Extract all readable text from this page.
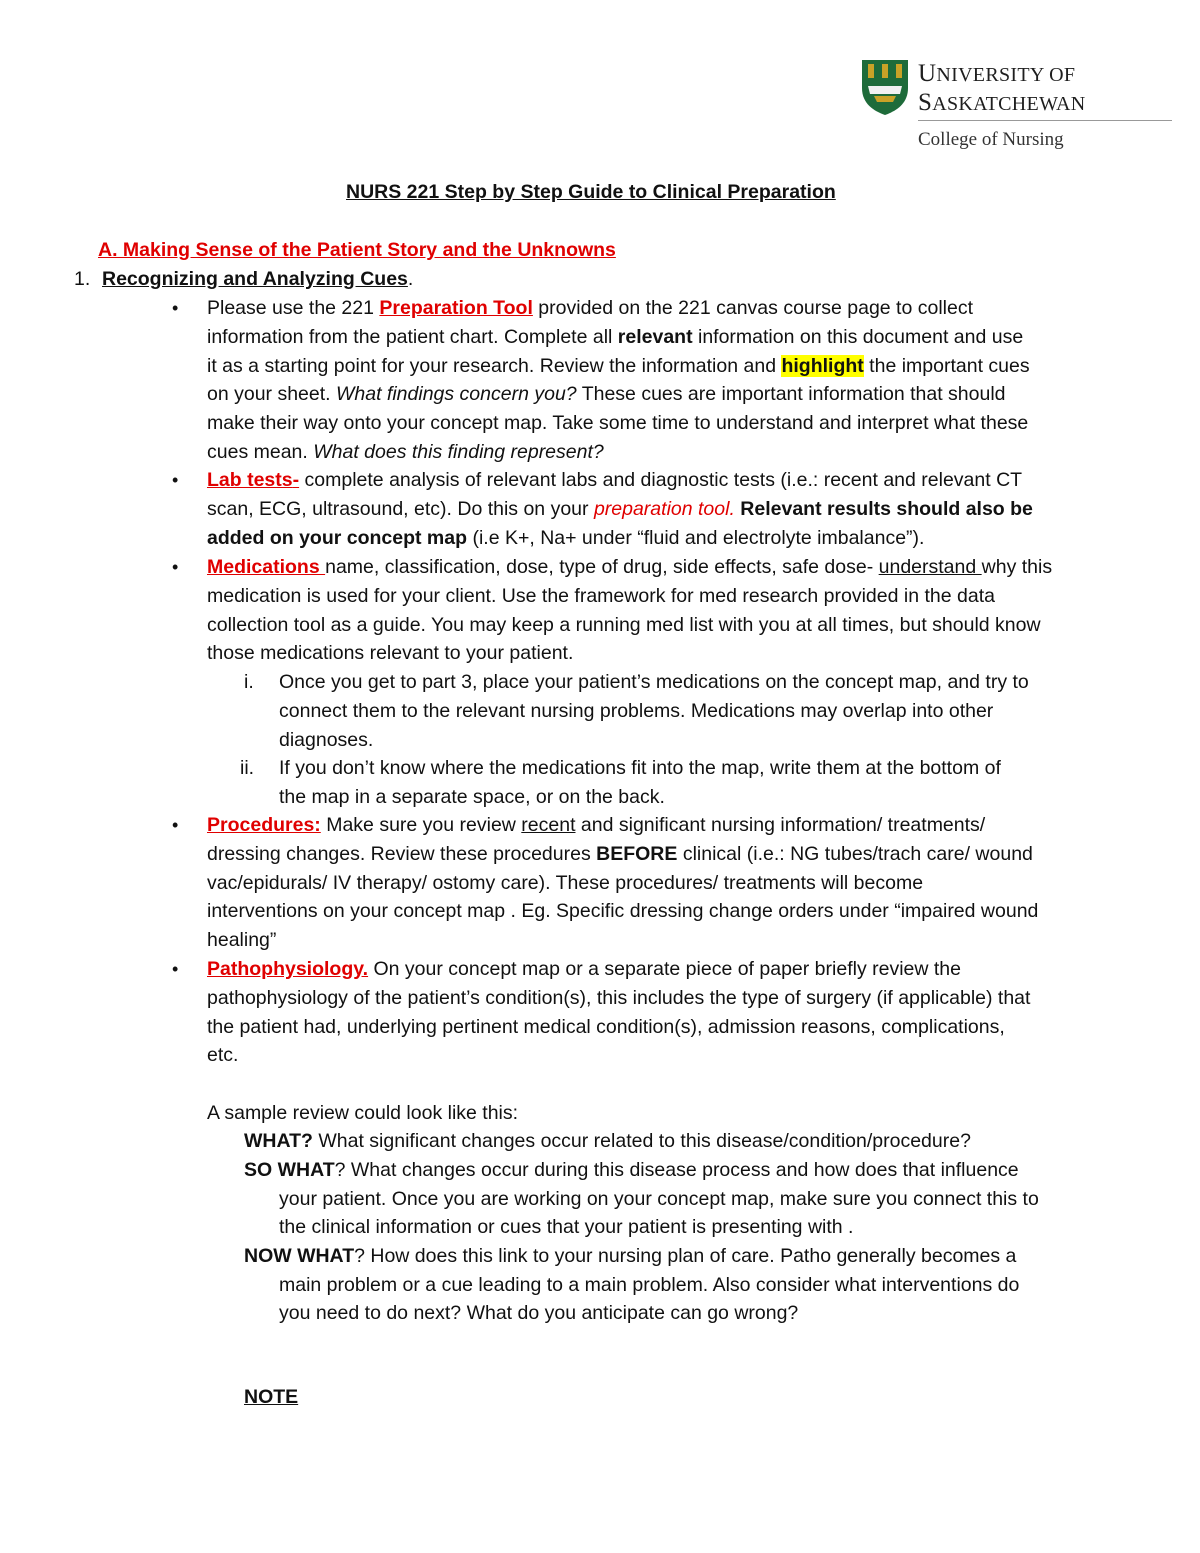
UNIVERSITY OF
SASKATCHEWAN
College of Nursing
NURS 221 Step by Step Guide to Clinical Preparation
A. Making Sense of the Patient Story and the Unknowns
1. Recognizing and Analyzing Cues.
• Please use the 221 Preparation Tool provided on the 221 canvas course page to collect
information from the patient chart. Complete all relevant information on this document and use
it as a starting point for your research. Review the information and highlight the important cues
on your sheet. What findings concern you? These cues are important information that should
make their way onto your concept map. Take some time to understand and interpret what these
cues mean. What does this finding represent?
• Lab tests- complete analysis of relevant labs and diagnostic tests (i.e.: recent and relevant CT
scan, ECG, ultrasound, etc). Do this on your preparation tool. Relevant results should also be
added on your concept map (i.e K+, Na+ under “fluid and electrolyte imbalance”).
• Medications name, classification, dose, type of drug, side effects, safe dose- understand why this
medication is used for your client. Use the framework for med research provided in the data
collection tool as a guide. You may keep a running med list with you at all times, but should know
those medications relevant to your patient.
i. Once you get to part 3, place your patient’s medications on the concept map, and try to
connect them to the relevant nursing problems. Medications may overlap into other
diagnoses.
ii. If you don’t know where the medications fit into the map, write them at the bottom of
the map in a separate space, or on the back.
• Procedures: Make sure you review recent and significant nursing information/ treatments/
dressing changes. Review these procedures BEFORE clinical (i.e.: NG tubes/trach care/ wound
vac/epidurals/ IV therapy/ ostomy care). These procedures/ treatments will become
interventions on your concept map . Eg. Specific dressing change orders under “impaired wound
healing”
• Pathophysiology. On your concept map or a separate piece of paper briefly review the
pathophysiology of the patient’s condition(s), this includes the type of surgery (if applicable) that
the patient had, underlying pertinent medical condition(s), admission reasons, complications,
etc.
A sample review could look like this:
WHAT? What significant changes occur related to this disease/condition/procedure?
SO WHAT? What changes occur during this disease process and how does that influence
your patient. Once you are working on your concept map, make sure you connect this to
the clinical information or cues that your patient is presenting with .
NOW WHAT? How does this link to your nursing plan of care. Patho generally becomes a
main problem or a cue leading to a main problem. Also consider what interventions do
you need to do next? What do you anticipate can go wrong?
NOTE
